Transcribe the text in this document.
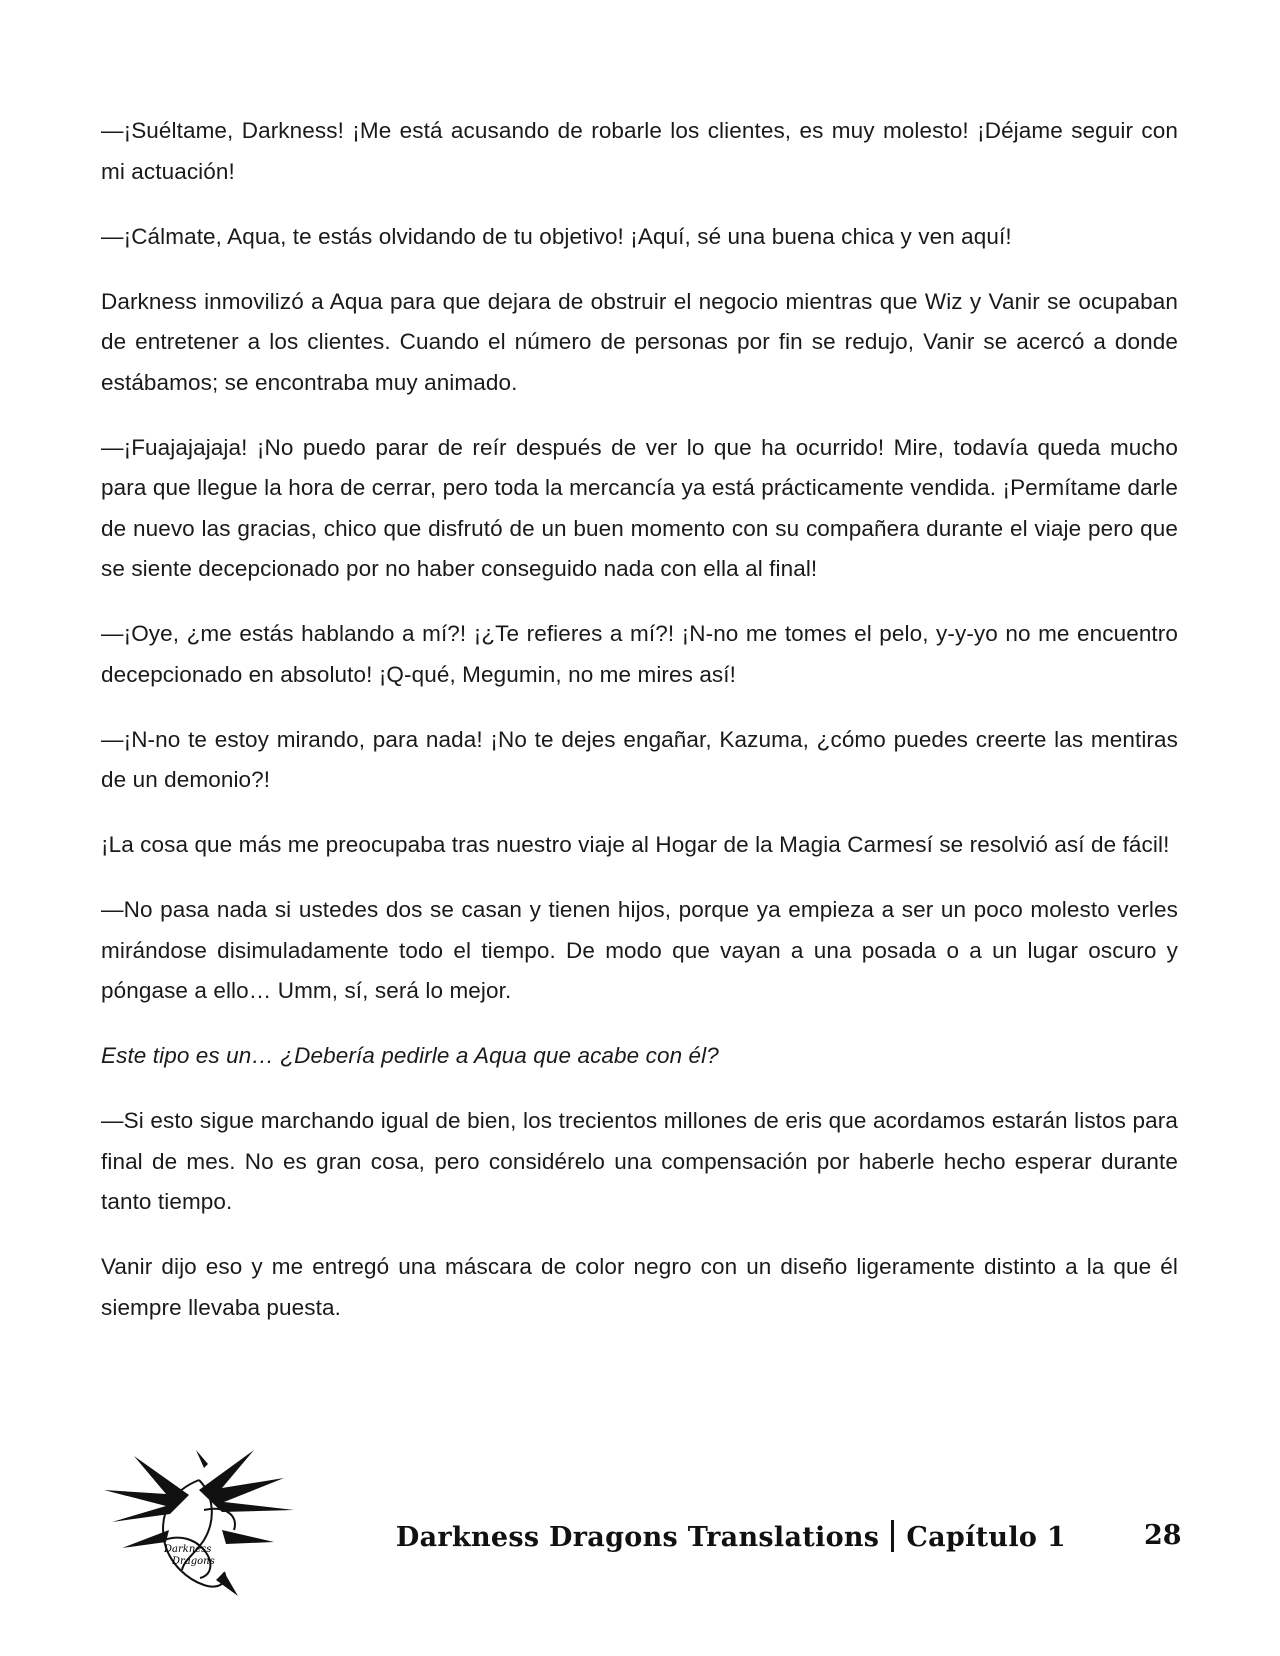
—¡Suéltame, Darkness! ¡Me está acusando de robarle los clientes, es muy molesto! ¡Déjame seguir con mi actuación!

—¡Cálmate, Aqua, te estás olvidando de tu objetivo! ¡Aquí, sé una buena chica y ven aquí!

Darkness inmovilizó a Aqua para que dejara de obstruir el negocio mientras que Wiz y Vanir se ocupaban de entretener a los clientes. Cuando el número de personas por fin se redujo, Vanir se acercó a donde estábamos; se encontraba muy animado.

—¡Fuajajajaja! ¡No puedo parar de reír después de ver lo que ha ocurrido! Mire, todavía queda mucho para que llegue la hora de cerrar, pero toda la mercancía ya está prácticamente vendida. ¡Permítame darle de nuevo las gracias, chico que disfrutó de un buen momento con su compañera durante el viaje pero que se siente decepcionado por no haber conseguido nada con ella al final!

—¡Oye, ¿me estás hablando a mí?! ¡¿Te refieres a mí?! ¡N-no me tomes el pelo, y-y-yo no me encuentro decepcionado en absoluto! ¡Q-qué, Megumin, no me mires así!

—¡N-no te estoy mirando, para nada! ¡No te dejes engañar, Kazuma, ¿cómo puedes creerte las mentiras de un demonio?!

¡La cosa que más me preocupaba tras nuestro viaje al Hogar de la Magia Carmesí se resolvió así de fácil!

—No pasa nada si ustedes dos se casan y tienen hijos, porque ya empieza a ser un poco molesto verles mirándose disimuladamente todo el tiempo. De modo que vayan a una posada o a un lugar oscuro y póngase a ello… Umm, sí, será lo mejor.

Este tipo es un… ¿Debería pedirle a Aqua que acabe con él?

—Si esto sigue marchando igual de bien, los trecientos millones de eris que acordamos estarán listos para final de mes. No es gran cosa, pero considérelo una compensación por haberle hecho esperar durante tanto tiempo.

Vanir dijo eso y me entregó una máscara de color negro con un diseño ligeramente distinto a la que él siempre llevaba puesta.

Darkness
Dragons
Darkness Dragons Translations Capítulo 1	28
